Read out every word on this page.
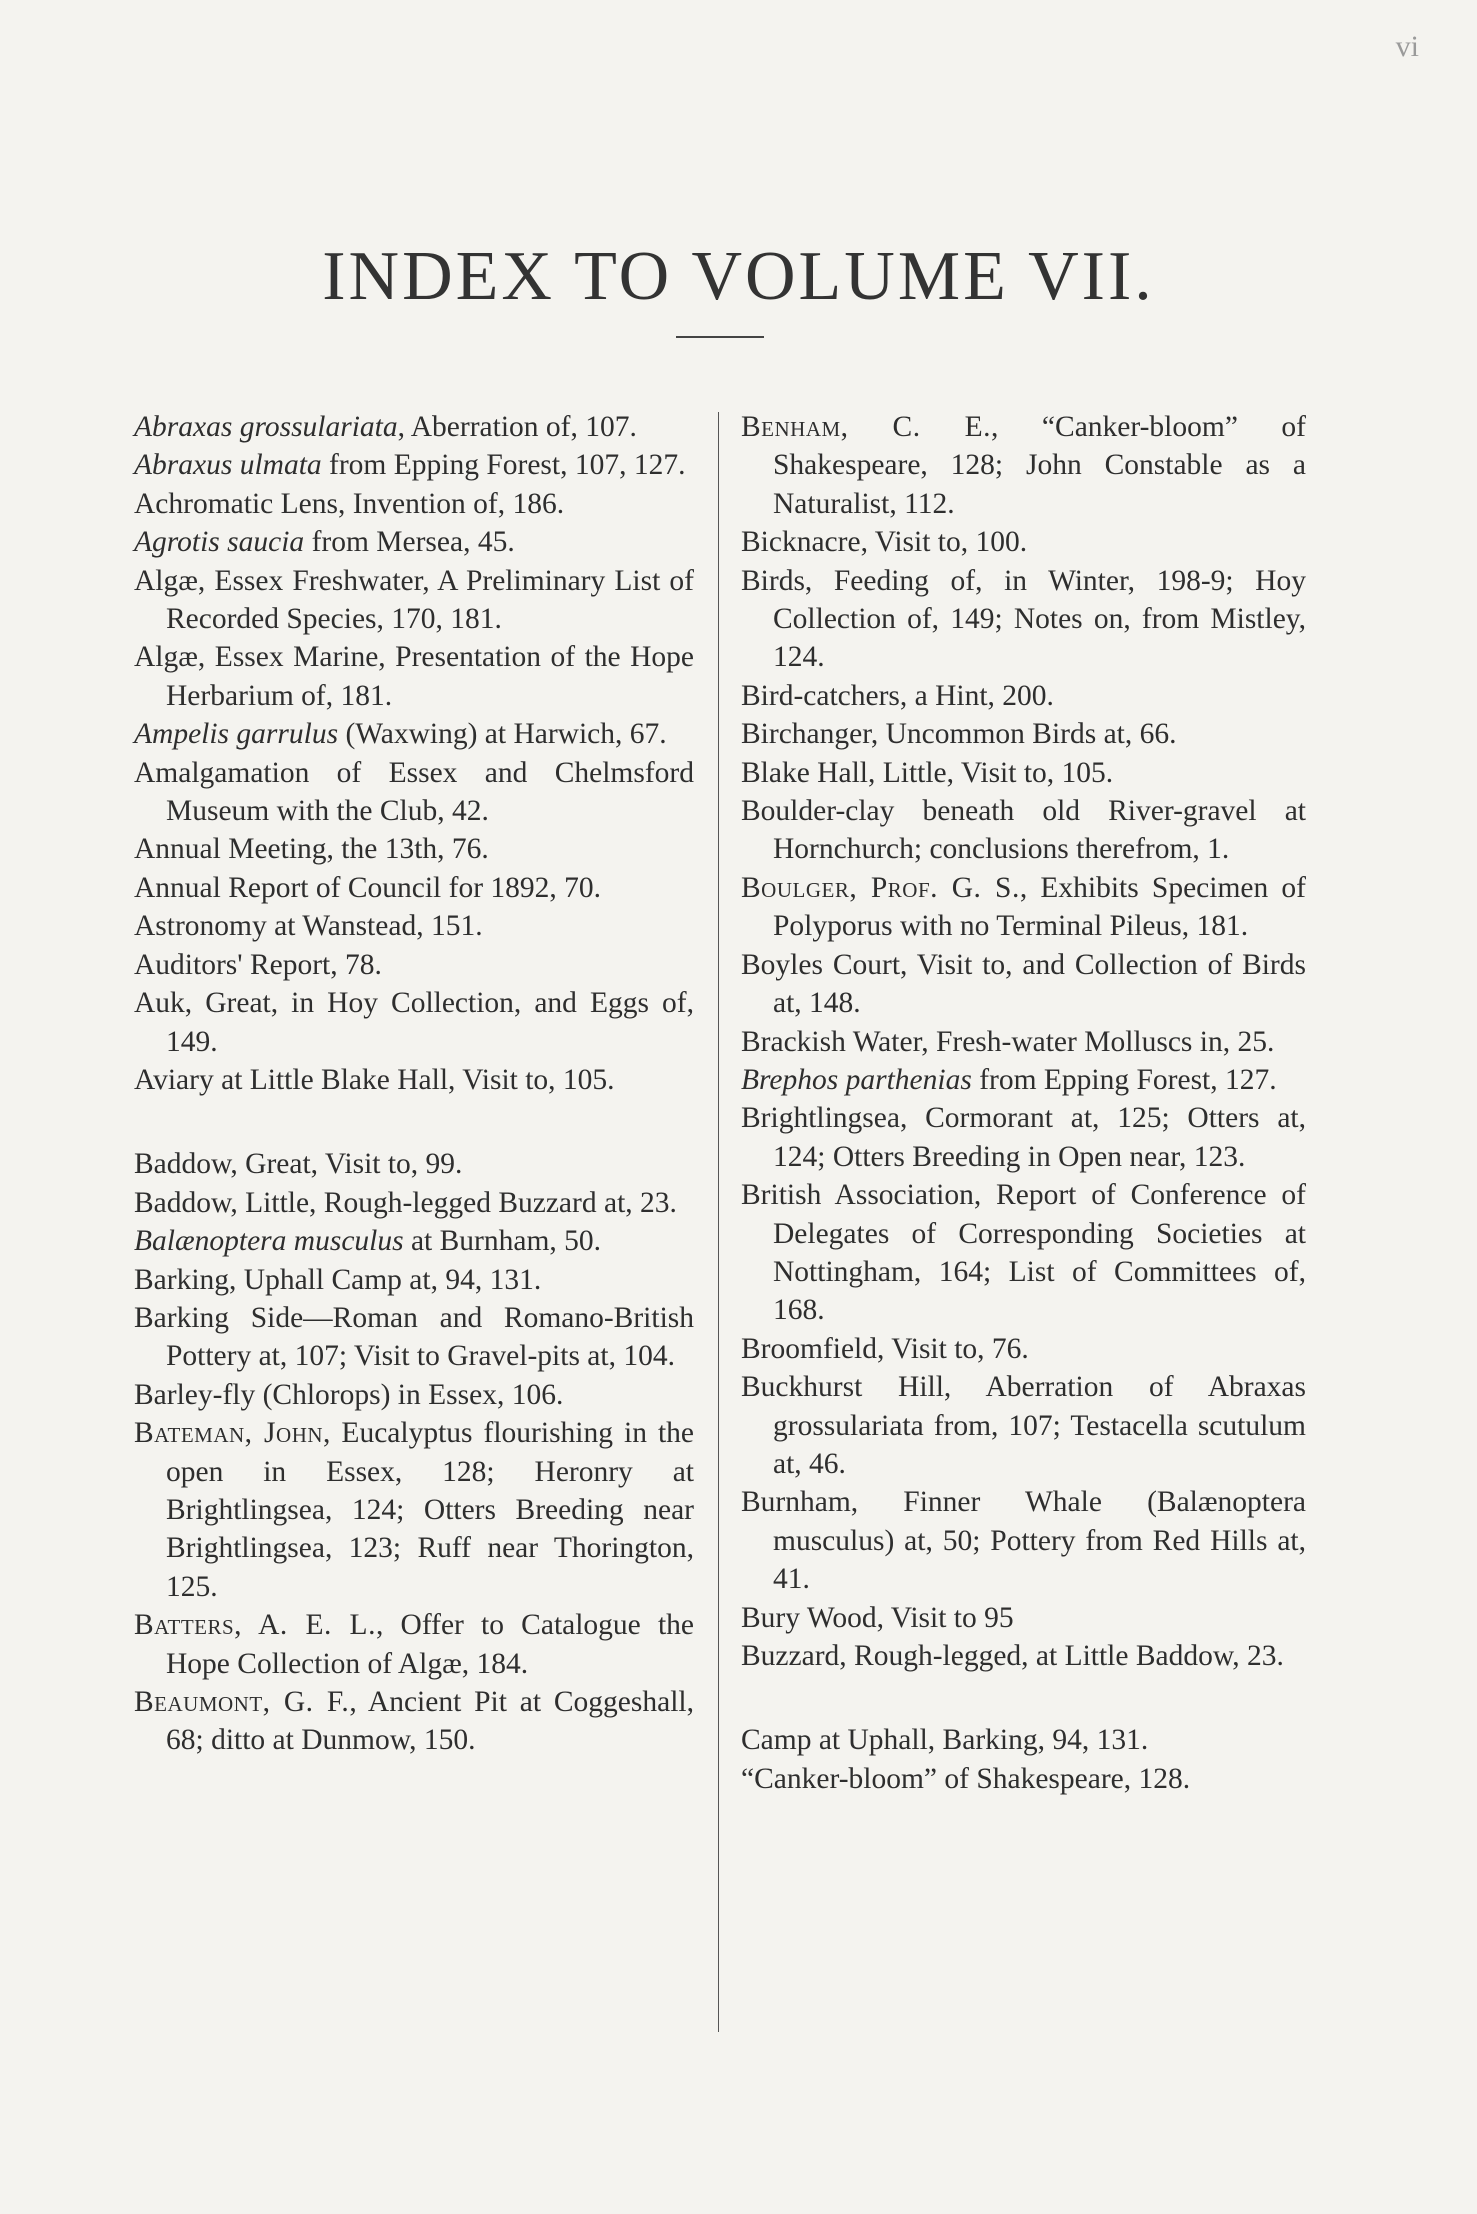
vi
INDEX TO VOLUME VII.

Abraxas grossulariata, Aberration of, 107.

Abraxus ulmata from Epping Forest, 107, 127.

Achromatic Lens, Invention of, 186.

Agrotis saucia from Mersea, 45.

Algæ, Essex Freshwater, A Preliminary List of Recorded Species, 170, 181.

Algæ, Essex Marine, Presentation of the Hope Herbarium of, 181.

Ampelis garrulus (Waxwing) at Harwich, 67.

Amalgamation of Essex and Chelmsford Museum with the Club, 42.

Annual Meeting, the 13th, 76.

Annual Report of Council for 1892, 70.

Astronomy at Wanstead, 151.

Auditors' Report, 78.

Auk, Great, in Hoy Collection, and Eggs of, 149.

Aviary at Little Blake Hall, Visit to, 105.

Baddow, Great, Visit to, 99.

Baddow, Little, Rough-legged Buzzard at, 23.

Balænoptera musculus at Burnham, 50.

Barking, Uphall Camp at, 94, 131.

Barking Side—Roman and Romano-British Pottery at, 107; Visit to Gravel-pits at, 104.

Barley-fly (Chlorops) in Essex, 106.

Bateman, John, Eucalyptus flourishing in the open in Essex, 128; Heronry at Brightlingsea, 124; Otters Breeding near Brightlingsea, 123; Ruff near Thorington, 125.

Batters, A. E. L., Offer to Catalogue the Hope Collection of Algæ, 184.

Beaumont, G. F., Ancient Pit at Coggeshall, 68; ditto at Dunmow, 150.

Benham, C. E., “Canker-bloom” of Shakespeare, 128; John Constable as a Naturalist, 112.

Bicknacre, Visit to, 100.

Birds, Feeding of, in Winter, 198-9; Hoy Collection of, 149; Notes on, from Mistley, 124.

Bird-catchers, a Hint, 200.

Birchanger, Uncommon Birds at, 66.

Blake Hall, Little, Visit to, 105.

Boulder-clay beneath old River-gravel at Hornchurch; conclusions therefrom, 1.

Boulger, Prof. G. S., Exhibits Specimen of Polyporus with no Terminal Pileus, 181.

Boyles Court, Visit to, and Collection of Birds at, 148.

Brackish Water, Fresh-water Molluscs in, 25.

Brephos parthenias from Epping Forest, 127.

Brightlingsea, Cormorant at, 125; Otters at, 124; Otters Breeding in Open near, 123.

British Association, Report of Conference of Delegates of Corresponding Societies at Nottingham, 164; List of Committees of, 168.

Broomfield, Visit to, 76.

Buckhurst Hill, Aberration of Abraxas grossulariata from, 107; Testacella scutulum at, 46.

Burnham, Finner Whale (Balænoptera musculus) at, 50; Pottery from Red Hills at, 41.

Bury Wood, Visit to 95

Buzzard, Rough-legged, at Little Baddow, 23.

Camp at Uphall, Barking, 94, 131.

“Canker-bloom” of Shakespeare, 128.
